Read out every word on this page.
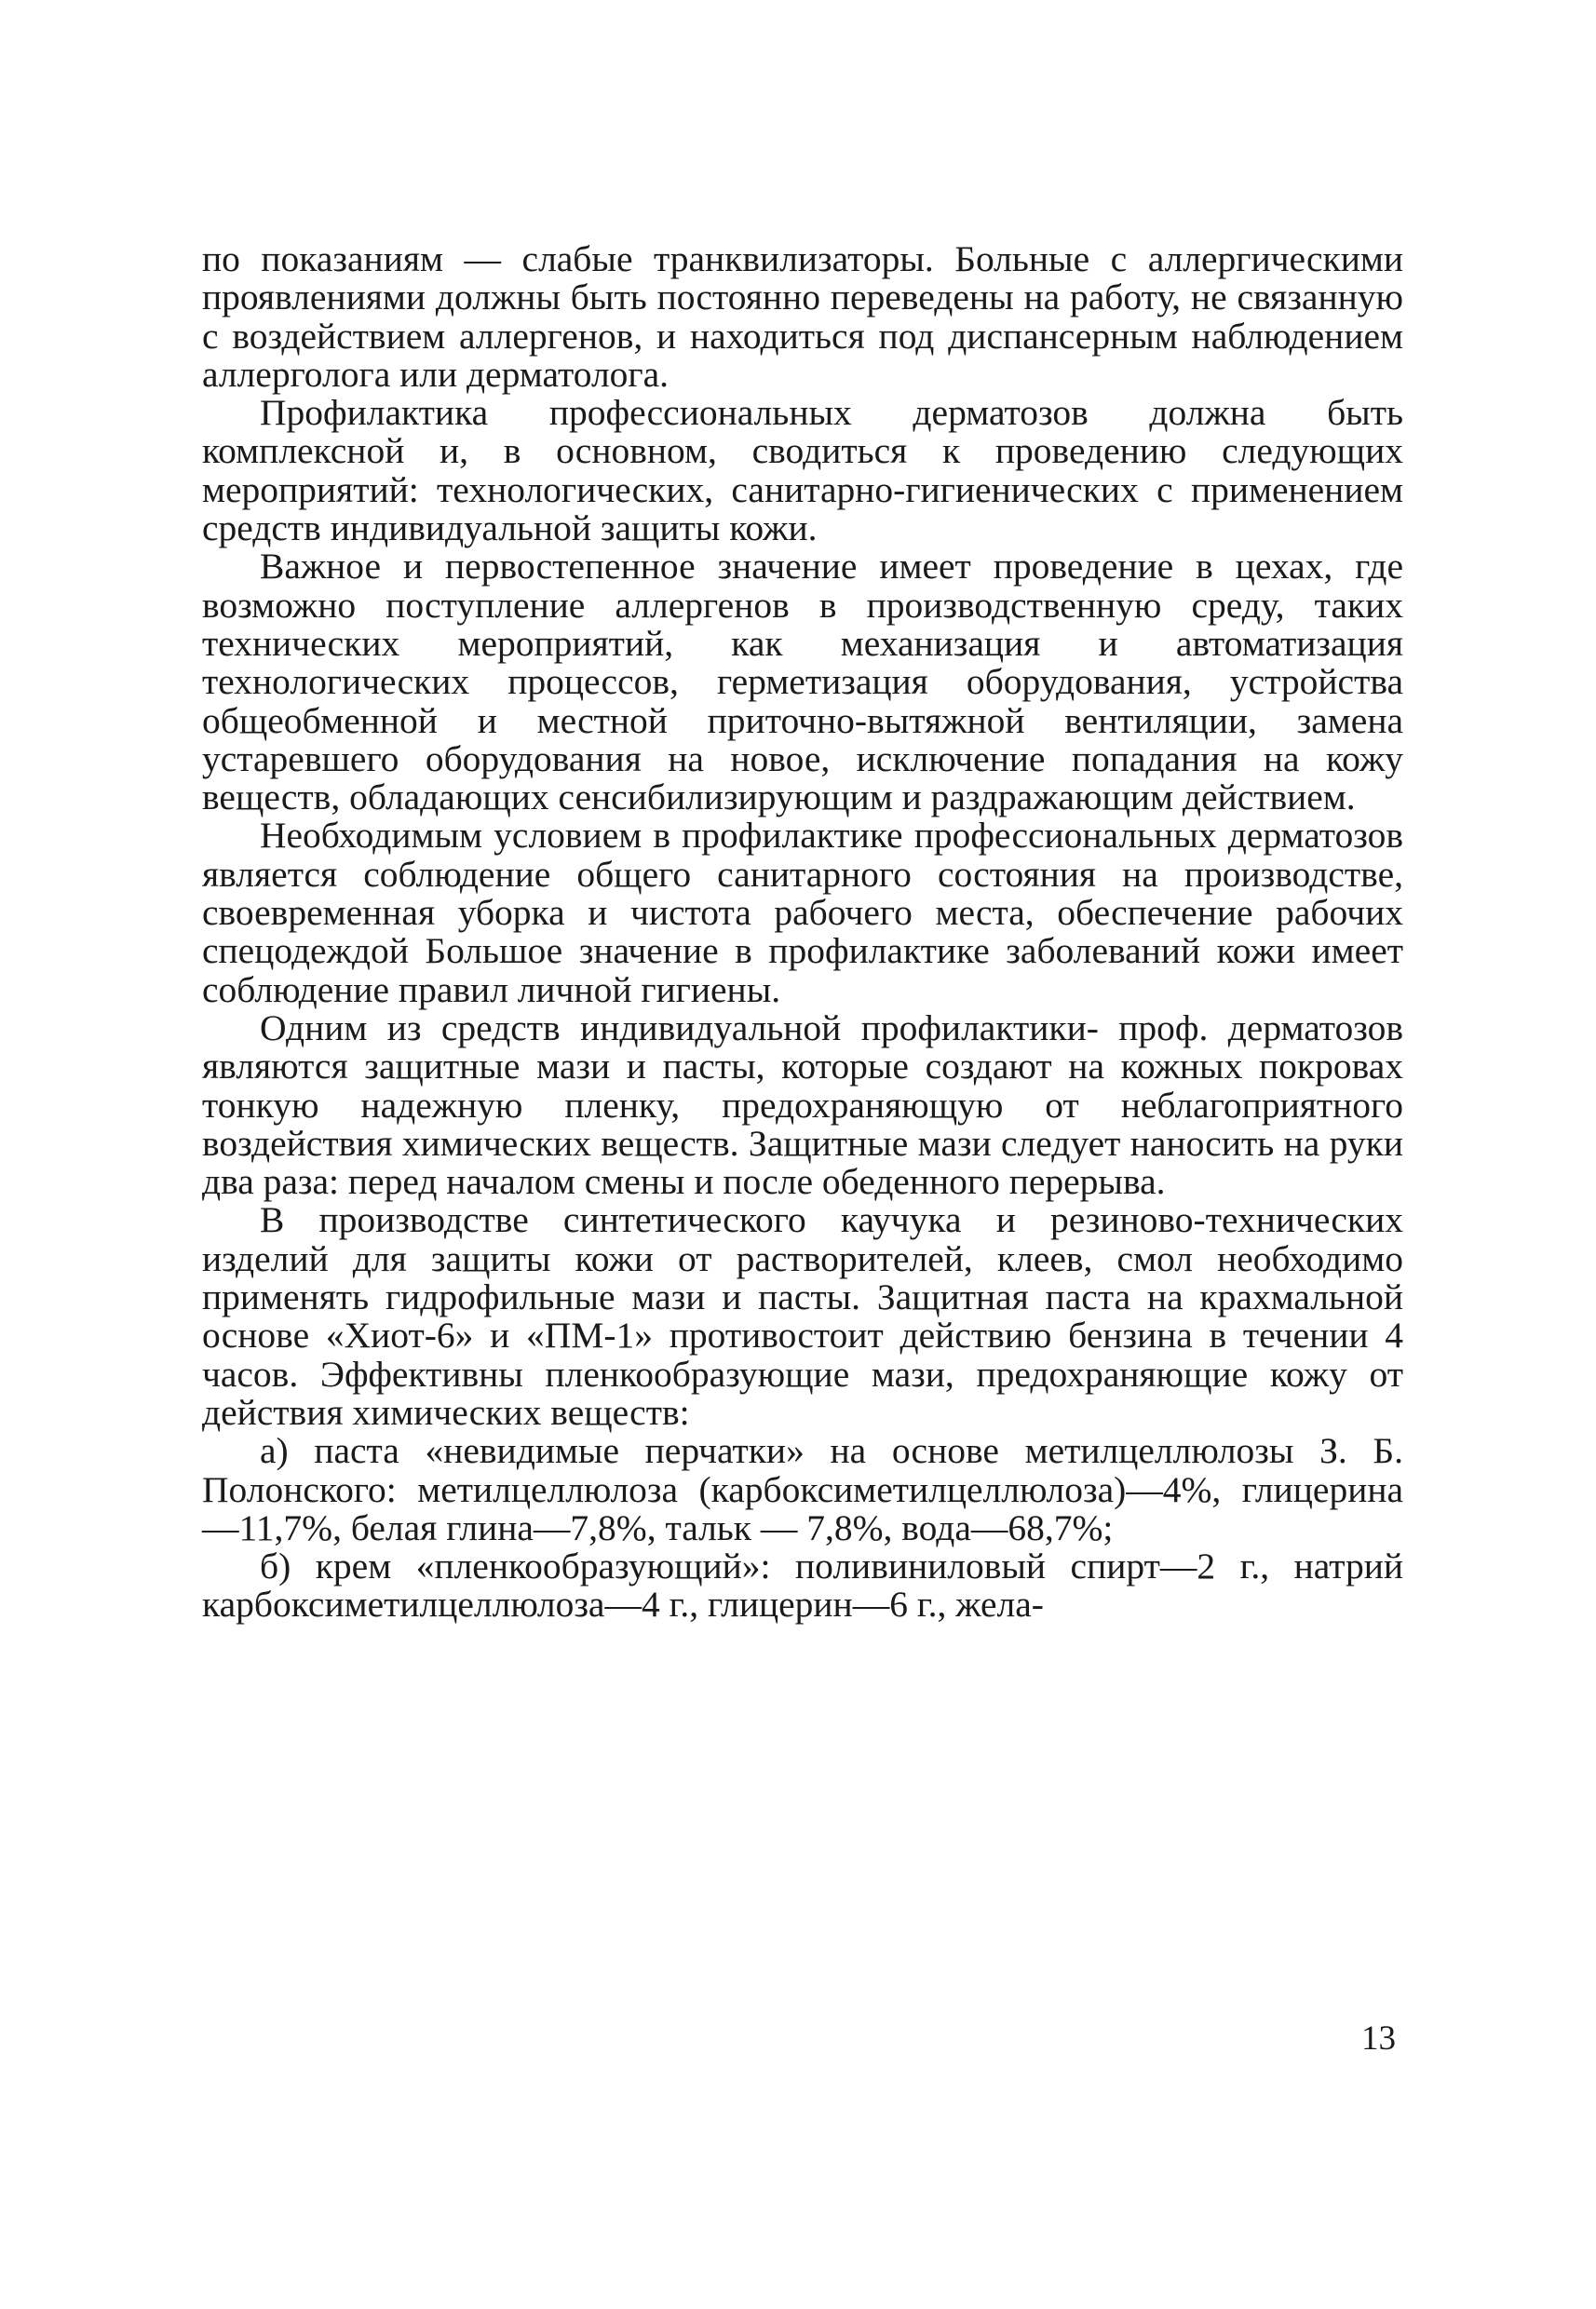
по показаниям — слабые транквилизаторы. Больные с аллергическими проявлениями должны быть постоянно переведены на работу, не связанную с воздействием аллергенов, и находиться под диспансерным наблюдением аллерголога или дерматолога.

Профилактика профессиональных дерматозов должна быть комплексной и, в основном, сводиться к проведению следующих мероприятий: технологических, санитарно-гигиенических с применением средств индивидуальной защиты кожи.

Важное и первостепенное значение имеет проведение в цехах, где возможно поступление аллергенов в производственную среду, таких технических мероприятий, как механизация и автоматизация технологических процессов, герметизация оборудования, устройства общеобменной и местной приточно-вытяжной вентиляции, замена устаревшего оборудования на новое, исключение попадания на кожу веществ, обладающих сенсибилизирующим и раздражающим действием.

Необходимым условием в профилактике профессиональных дерматозов является соблюдение общего санитарного состояния на производстве, своевременная уборка и чистота рабочего места, обеспечение рабочих спецодеждой Большое значение в профилактике заболеваний кожи имеет соблюдение правил личной гигиены.

Одним из средств индивидуальной профилактики- проф. дерматозов являются защитные мази и пасты, которые создают на кожных покровах тонкую надежную пленку, предохраняющую от неблагоприятного воздействия химических веществ. Защитные мази следует наносить на руки два раза: перед началом смены и после обеденного перерыва.

В производстве синтетического каучука и резиново-технических изделий для защиты кожи от растворителей, клеев, смол необходимо применять гидрофильные мази и пасты. Защитная паста на крахмальной основе «Хиот-6» и «ПМ-1» противостоит действию бензина в течении 4 часов. Эффективны пленкообразующие мази, предохраняющие кожу от действия химических веществ:

а) паста «невидимые перчатки» на основе метилцеллюлозы З. Б. Полонского: метилцеллюлоза (карбоксиметилцеллюлоза)—4%, глицерина—11,7%, белая глина—7,8%, тальк — 7,8%, вода—68,7%;

б) крем «пленкообразующий»: поливиниловый спирт—2 г., натрий карбоксиметилцеллюлоза—4 г., глицерин—6 г., жела-

13
